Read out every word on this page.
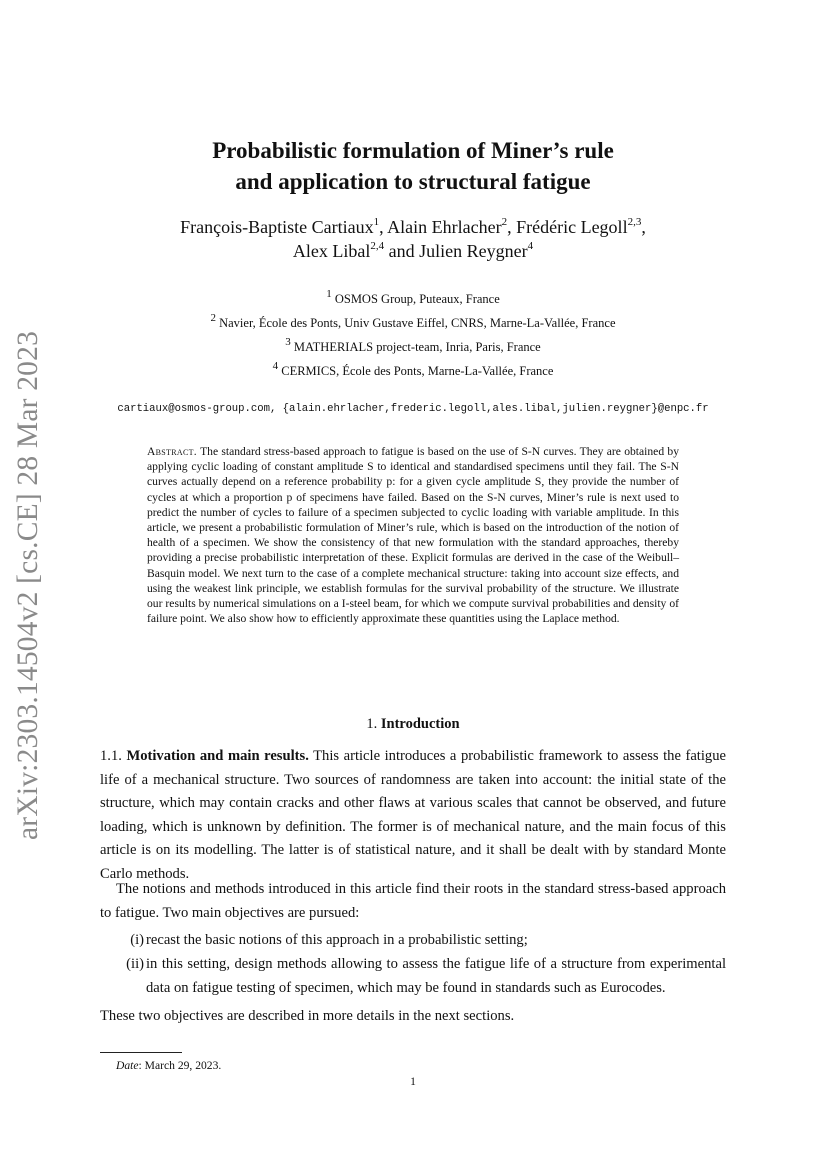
arXiv:2303.14504v2 [cs.CE] 28 Mar 2023
Probabilistic formulation of Miner’s rule
and application to structural fatigue
François-Baptiste Cartiaux$^1$, Alain Ehrlacher$^2$, Frédéric Legoll$^{2,3}$,
Alex Libal$^{2,4}$ and Julien Reygner$^4$
$^1$ OSMOS Group, Puteaux, France
$^2$ Navier, École des Ponts, Univ Gustave Eiffel, CNRS, Marne-La-Vallée, France
$^3$ MATHERIALS project-team, Inria, Paris, France
$^4$ CERMICS, École des Ponts, Marne-La-Vallée, France
cartiaux@osmos-group.com, {alain.ehrlacher,frederic.legoll,ales.libal,julien.reygner}@enpc.fr
Abstract. The standard stress-based approach to fatigue is based on the use of S-N curves. They are obtained by applying cyclic loading of constant amplitude S to identical and standardised specimens until they fail. The S-N curves actually depend on a reference probability p: for a given cycle amplitude S, they provide the number of cycles at which a proportion p of specimens have failed. Based on the S-N curves, Miner’s rule is next used to predict the number of cycles to failure of a specimen subjected to cyclic loading with variable amplitude. In this article, we present a probabilistic formulation of Miner’s rule, which is based on the introduction of the notion of health of a specimen. We show the consistency of that new formulation with the standard approaches, thereby providing a precise probabilistic interpretation of these. Explicit formulas are derived in the case of the Weibull–Basquin model. We next turn to the case of a complete mechanical structure: taking into account size effects, and using the weakest link principle, we establish formulas for the survival probability of the structure. We illustrate our results by numerical simulations on a I-steel beam, for which we compute survival probabilities and density of failure point. We also show how to efficiently approximate these quantities using the Laplace method.
1. Introduction

1.1. Motivation and main results. This article introduces a probabilistic framework to assess the fatigue life of a mechanical structure. Two sources of randomness are taken into account: the initial state of the structure, which may contain cracks and other flaws at various scales that cannot be observed, and future loading, which is unknown by definition. The former is of mechanical nature, and the main focus of this article is on its modelling. The latter is of statistical nature, and it shall be dealt with by standard Monte Carlo methods.

The notions and methods introduced in this article find their roots in the standard stress-based approach to fatigue. Two main objectives are pursued:

(i) recast the basic notions of this approach in a probabilistic setting;
(ii) in this setting, design methods allowing to assess the fatigue life of a structure from experimental data on fatigue testing of specimen, which may be found in standards such as Eurocodes.

These two objectives are described in more details in the next sections.

Date: March 29, 2023.
1
